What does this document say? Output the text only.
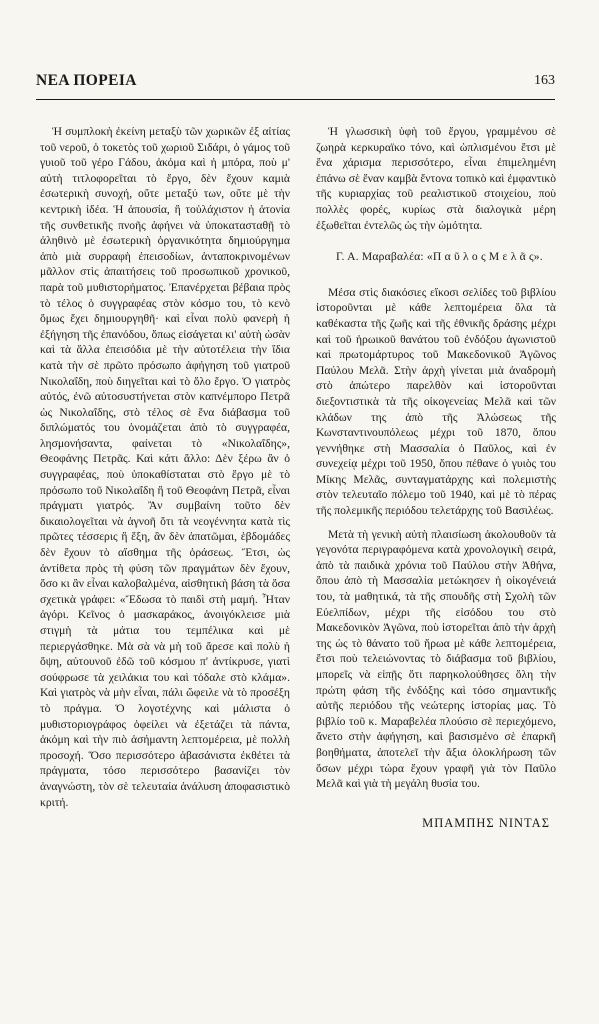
ΝΕΑ ΠΟΡΕΙΑ	163

Ἡ συμπλοκὴ ἐκείνη μεταξὺ τῶν χωρικῶν ἐξ αἰτίας τοῦ νεροῦ, ὁ τοκετὸς τοῦ χωριοῦ Σιδάρι, ὁ γάμος τοῦ γυιοῦ τοῦ γέρο Γάδου, ἀκόμα καὶ ἡ μπόρα, ποὺ μ' αὐτὴ τιτλοφορεῖται τὸ ἔργο, δὲν ἔχουν καμιὰ ἐσωτερικὴ συνοχή, οὔτε μεταξύ των, οὔτε μὲ τὴν κεντρικὴ ἰδέα. Ἡ ἀπουσία, ἢ τοὐλάχιστον ἡ ἀτονία τῆς συνθετικῆς πνοῆς ἀφήνει νὰ ὑποκατασταθῇ τὸ ἀληθινὸ μὲ ἐσωτερικὴ ὀργανικότητα δημιούργημα ἀπὸ μιὰ συρραφὴ ἐπεισοδίων, ἀνταποκρινομένων μᾶλλον στὶς ἀπαιτήσεις τοῦ προσωπικοῦ χρονικοῦ, παρὰ τοῦ μυθιστορήματος. Ἐπανέρχεται βέβαια πρὸς τὸ τέλος ὁ συγγραφέας στὸν κόσμο του, τὸ κενὸ ὅμως ἔχει δημιουργηθῆ· καὶ εἶναι πολὺ φανερὴ ἡ ἐξήγηση τῆς ἐπανόδου, ὅπως εἰσάγεται κι' αὐτὴ ὡσὰν καὶ τὰ ἄλλα ἐπεισόδια μὲ τὴν αὐτοτέλεια τὴν ἴδια κατὰ τὴν σὲ πρῶτο πρόσωπο ἀφήγηση τοῦ γιατροῦ Νικολαΐδη, ποὺ διηγεῖται καὶ τὸ ὅλο ἔργο. Ὁ γιατρὸς αὐτός, ἐνῶ αὐτοσυστήνεται στὸν καπνέμπορο Πετρᾶ ὡς Νικολαΐδης, στὸ τέλος σὲ ἕνα διάβασμα τοῦ διπλώματός του ὀνομάζεται ἀπὸ τὸ συγγραφέα, λησμονήσαντα, φαίνεται τὸ «Νικολαΐδης», Θεοφάνης Πετρᾶς. Καὶ κάτι ἄλλο: Δὲν ξέρω ἂν ὁ συγγραφέας, ποὺ ὑποκαθίσταται στὸ ἔργο μὲ τὸ πρόσωπο τοῦ Νικολαΐδη ἢ τοῦ Θεοφάνη Πετρᾶ, εἶναι πράγματι γιατρός. Ἂν συμβαίνη τοῦτο δὲν δικαιολογεῖται νὰ ἀγνοῆ ὅτι τὰ νεογέννητα κατὰ τὶς πρῶτες τέσσερις ἢ ἔξη, ἂν δὲν ἀπατῶμαι, ἑβδομάδες δὲν ἔχουν τὸ αἴσθημα τῆς ὁράσεως. Ἔτσι, ὡς ἀντίθετα πρὸς τὴ φύση τῶν πραγμάτων δὲν ἔχουν, ὅσο κι ἂν εἶναι καλοβαλμένα, αἰσθητικὴ βάση τὰ ὅσα σχετικὰ γράφει: «Ἔδωσα τὸ παιδὶ στὴ μαμή. Ἦταν ἀγόρι. Κεῖνος ὁ μασκαράκος, ἀνοιγόκλεισε μιὰ στιγμὴ τὰ μάτια του τεμπέλικα καὶ μὲ περιεργάσθηκε. Μὰ σὰ νὰ μὴ τοῦ ἄρεσε καὶ πολὺ ἡ ὄψη, αὐτουνοῦ ἐδῶ τοῦ κόσμου π' ἀντίκρυσε, γιατὶ σούφρωσε τὰ χειλάκια του καὶ τόδαλε στὸ κλάμα». Καὶ γιατρὸς νὰ μὴν εἶναι, πάλι ὤφειλε νὰ τὸ προσέξη τὸ πράγμα. Ὁ λογοτέχνης καὶ μάλιστα ὁ μυθιστοριογράφος ὀφείλει νὰ ἐξετάζει τὰ πάντα, ἀκόμη καὶ τὴν πιὸ ἀσήμαντη λεπτομέρεια, μὲ πολλὴ προσοχή. Ὅσο περισσότερο ἀβασάνιστα ἐκθέτει τὰ πράγματα, τόσο περισσότερο βασανίζει τὸν ἀναγνώστη, τὸν σὲ τελευταία ἀνάλυση ἀποφασιστικὸ κριτή.

Ἡ γλωσσικὴ ὑφὴ τοῦ ἔργου, γραμμένου σὲ ζωηρὰ κερκυραϊκο τόνο, καὶ ὡπλισμένου ἔτσι μὲ ἕνα χάρισμα περισσότερο, εἶναι ἐπιμελημένη ἐπάνω σὲ ἕναν καμβὰ ἔντονα τοπικὸ καὶ ἐμφαντικὸ τῆς κυριαρχίας τοῦ ρεαλιστικοῦ στοιχείου, ποὺ πολλὲς φορές, κυρίως στὰ διαλογικὰ μέρη ἐξωθεῖται ἐντελῶς ὡς τὴν ὠμότητα.

Γ. Α. Μαραβαλέα: «Π α ῦ λ ο ς Μ ε λ ᾶ ς».

Μέσα στὶς διακόσιες εἴκοσι σελίδες τοῦ βιβλίου ἱστοροῦνται μὲ κάθε λεπτομέρεια ὅλα τὰ καθέκαστα τῆς ζωῆς καὶ τῆς ἐθνικῆς δράσης μέχρι καὶ τοῦ ἡρωικοῦ θανάτου τοῦ ἐνδόξου ἀγωνιστοῦ καὶ πρωτομάρτυρος τοῦ Μακεδονικοῦ Ἀγῶνος Παύλου Μελᾶ. Στὴν ἀρχὴ γίνεται μιὰ ἀναδρομὴ στὸ ἀπώτερο παρελθὸν καὶ ἱστοροῦνται διεξοντιστικὰ τὰ τῆς οἰκογενείας Μελᾶ καὶ τῶν κλάδων της ἀπὸ τῆς Ἁλώσεως τῆς Κωνσταντινουπόλεως μέχρι τοῦ 1870, ὅπου γεννήθηκε στὴ Μασσαλία ὁ Παῦλος, καὶ ἐν συνεχείᾳ μέχρι τοῦ 1950, ὅπου πέθανε ὁ γυιὸς του Μίκης Μελᾶς, συνταγματάρχης καὶ πολεμιστὴς στὸν τελευταῖο πόλεμο τοῦ 1940, καὶ μὲ τὸ πέρας τῆς πολεμικῆς περιόδου τελετάρχης τοῦ Βασιλέως.

Μετὰ τὴ γενικὴ αὐτὴ πλαισίωση ἀκολουθοῦν τὰ γεγονότα περιγραφόμενα κατὰ χρονολογικὴ σειρά, ἀπὸ τὰ παιδικὰ χρόνια τοῦ Παύλου στὴν Ἀθήνα, ὅπου ἀπὸ τὴ Μασσαλία μετώκησεν ἡ οἰκογένειά του, τὰ μαθητικά, τὰ τῆς σπουδῆς στὴ Σχολὴ τῶν Εὐελπίδων, μέχρι τῆς εἰσόδου του στὸ Μακεδονικὸν Ἀγῶνα, ποὺ ἱστορεῖται ἀπὸ τὴν ἀρχὴ της ὡς τὸ θάνατο τοῦ ἥρωα μὲ κάθε λεπτομέρεια, ἔτσι ποὺ τελειώνοντας τὸ διάβασμα τοῦ βιβλίου, μπορεῖς νὰ εἰπῇς ὅτι παρηκολούθησες ὅλη τὴν πρώτη φάση τῆς ἐνδόξης καὶ τόσο σημαντικῆς αὐτῆς περιόδου τῆς νεώτερης ἱστορίας μας. Τὸ βιβλίο τοῦ κ. Μαραβελέα πλούσιο σὲ περιεχόμενο, ἄνετο στὴν ἀφήγηση, καὶ βασισμένο σὲ ἐπαρκῆ βοηθήματα, ἀποτελεῖ τὴν ἄξια ὁλοκλήρωση τῶν ὅσων μέχρι τώρα ἔχουν γραφῆ γιὰ τὸν Παῦλο Μελᾶ καὶ γιὰ τὴ μεγάλη θυσία του.

ΜΠΑΜΠΗΣ ΝΙΝΤΑΣ
